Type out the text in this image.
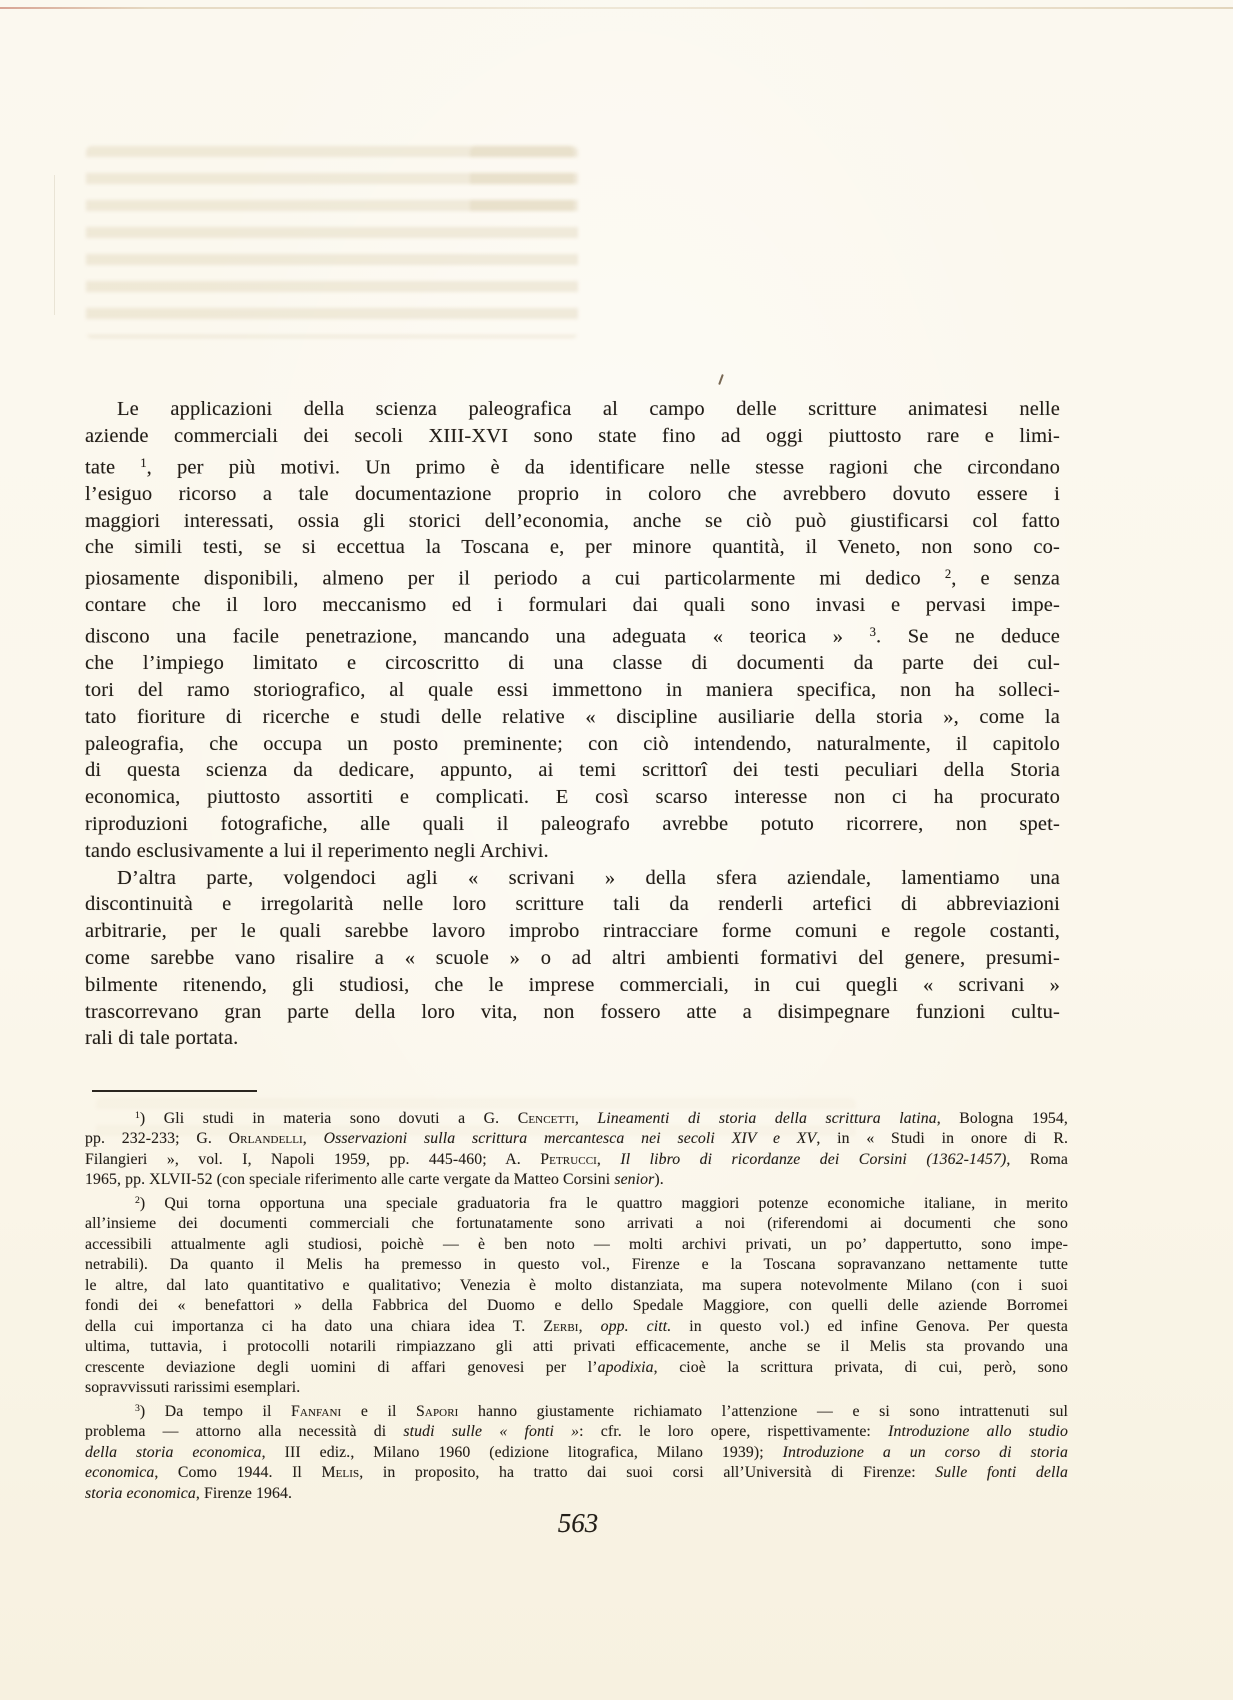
Le applicazioni della scienza paleografica al campo delle scritture animatesi nelle
aziende commerciali dei secoli XIII-XVI sono state fino ad oggi piuttosto rare e limi-
tate $^1$, per più motivi. Un primo è da identificare nelle stesse ragioni che circondano
l’esiguo ricorso a tale documentazione proprio in coloro che avrebbero dovuto essere i
maggiori interessati, ossia gli storici dell’economia, anche se ciò può giustificarsi col fatto
che simili testi, se si eccettua la Toscana e, per minore quantità, il Veneto, non sono co-
piosamente disponibili, almeno per il periodo a cui particolarmente mi dedico $^2$, e senza
contare che il loro meccanismo ed i formulari dai quali sono invasi e pervasi impe-
discono una facile penetrazione, mancando una adeguata « teorica » $^3$. Se ne deduce
che l’impiego limitato e circoscritto di una classe di documenti da parte dei cul-
tori del ramo storiografico, al quale essi immettono in maniera specifica, non ha solleci-
tato fioriture di ricerche e studi delle relative « discipline ausiliarie della storia », come la
paleografia, che occupa un posto preminente; con ciò intendendo, naturalmente, il capitolo
di questa scienza da dedicare, appunto, ai temi scrittorî dei testi peculiari della Storia
economica, piuttosto assortiti e complicati. E così scarso interesse non ci ha procurato
riproduzioni fotografiche, alle quali il paleografo avrebbe potuto ricorrere, non spet-
tando esclusivamente a lui il reperimento negli Archivi.
D’altra parte, volgendoci agli « scrivani » della sfera aziendale, lamentiamo una
discontinuità e irregolarità nelle loro scritture tali da renderli artefici di abbreviazioni
arbitrarie, per le quali sarebbe lavoro improbo rintracciare forme comuni e regole costanti,
come sarebbe vano risalire a « scuole » o ad altri ambienti formativi del genere, presumi-
bilmente ritenendo, gli studiosi, che le imprese commerciali, in cui quegli « scrivani »
trascorrevano gran parte della loro vita, non fossero atte a disimpegnare funzioni cultu-
rali di tale portata.
$^1$) Gli studi in materia sono dovuti a G. Cencetti, Lineamenti di storia della scrittura latina, Bologna 1954,
pp. 232-233; G. Orlandelli, Osservazioni sulla scrittura mercantesca nei secoli XIV e XV, in « Studi in onore di R.
Filangieri », vol. I, Napoli 1959, pp. 445-460; A. Petrucci, Il libro di ricordanze dei Corsini (1362-1457), Roma
1965, pp. XLVII-52 (con speciale riferimento alle carte vergate da Matteo Corsini senior).
$^2$) Qui torna opportuna una speciale graduatoria fra le quattro maggiori potenze economiche italiane, in merito
all’insieme dei documenti commerciali che fortunatamente sono arrivati a noi (riferendomi ai documenti che sono
accessibili attualmente agli studiosi, poichè — è ben noto — molti archivi privati, un po’ dappertutto, sono impe-
netrabili). Da quanto il Melis ha premesso in questo vol., Firenze e la Toscana sopravanzano nettamente tutte
le altre, dal lato quantitativo e qualitativo; Venezia è molto distanziata, ma supera notevolmente Milano (con i suoi
fondi dei « benefattori » della Fabbrica del Duomo e dello Spedale Maggiore, con quelli delle aziende Borromei
della cui importanza ci ha dato una chiara idea T. Zerbi, opp. citt. in questo vol.) ed infine Genova. Per questa
ultima, tuttavia, i protocolli notarili rimpiazzano gli atti privati efficacemente, anche se il Melis sta provando una
crescente deviazione degli uomini di affari genovesi per l’apodixia, cioè la scrittura privata, di cui, però, sono
sopravvissuti rarissimi esemplari.
$^3$) Da tempo il Fanfani e il Sapori hanno giustamente richiamato l’attenzione — e si sono intrattenuti sul
problema — attorno alla necessità di studi sulle « fonti »: cfr. le loro opere, rispettivamente: Introduzione allo studio
della storia economica, III ediz., Milano 1960 (edizione litografica, Milano 1939); Introduzione a un corso di storia
economica, Como 1944. Il Melis, in proposito, ha tratto dai suoi corsi all’Università di Firenze: Sulle fonti della
storia economica, Firenze 1964.
563
